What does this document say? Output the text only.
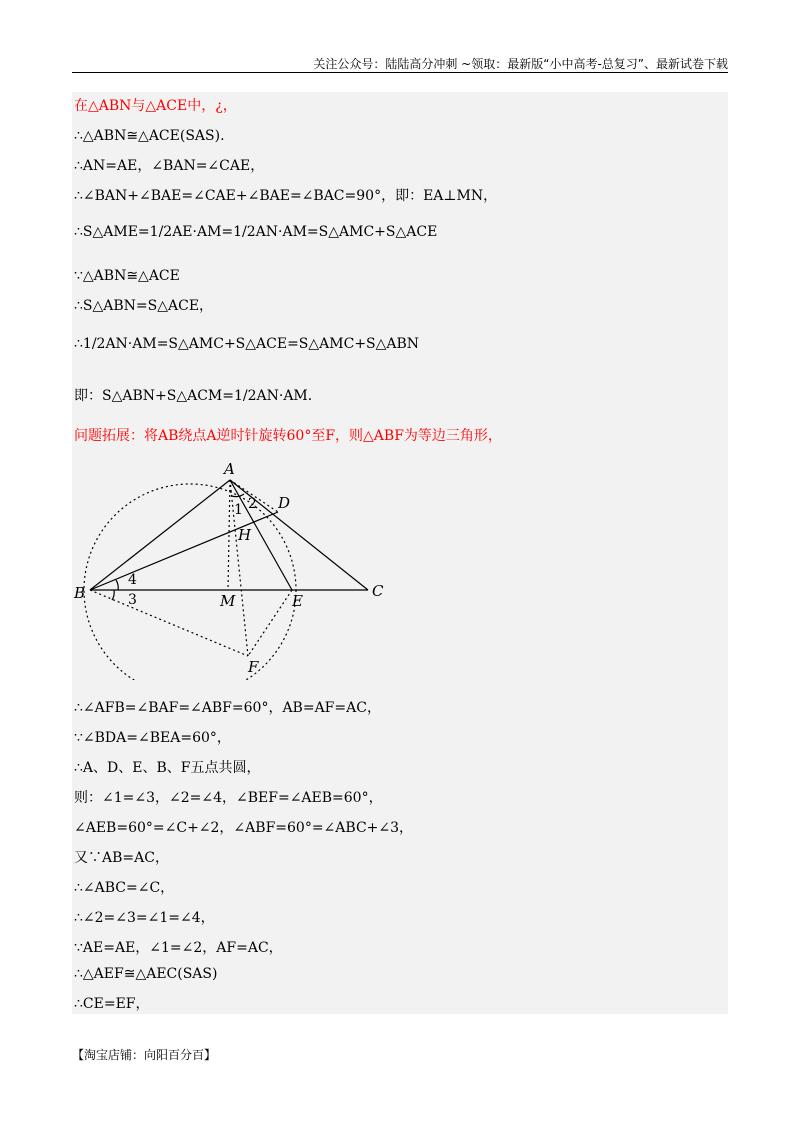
关注公众号：陆陆高分冲刺 ~领取：最新版“小中高考-总复习”、最新试卷下载
在△ABN与△ACE中，¿，
∴△ABN≅△ACE(SAS).
∴AN=AE，∠BAN=∠CAE，
∴∠BAN+∠BAE=∠CAE+∠BAE=∠BAC=90°，即：EA⊥MN，
∴S△AME=1/2AE·AM=1/2AN·AM=S△AMC+S△ACE
∵△ABN≅△ACE
∴S△ABN=S△ACE，
∴1/2AN·AM=S△AMC+S△ACE=S△AMC+S△ABN
即：S△ABN+S△ACM=1/2AN·AM．
问题拓展：将AB绕点A逆时针旋转60°至F，则△ABF为等边三角形，
A
B	C
D
E
F
H
M
1 2
4
3
∴∠AFB=∠BAF=∠ABF=60°，AB=AF=AC，
∵∠BDA=∠BEA=60°，
∴A、D、E、B、F五点共圆，
则：∠1=∠3，∠2=∠4，∠BEF=∠AEB=60°，
∠AEB=60°=∠C+∠2，∠ABF=60°=∠ABC+∠3，
又∵AB=AC，
∴∠ABC=∠C，
∴∠2=∠3=∠1=∠4，
∵AE=AE，∠1=∠2，AF=AC，
∴△AEF≅△AEC(SAS)
∴CE=EF，
【淘宝店铺：向阳百分百】
